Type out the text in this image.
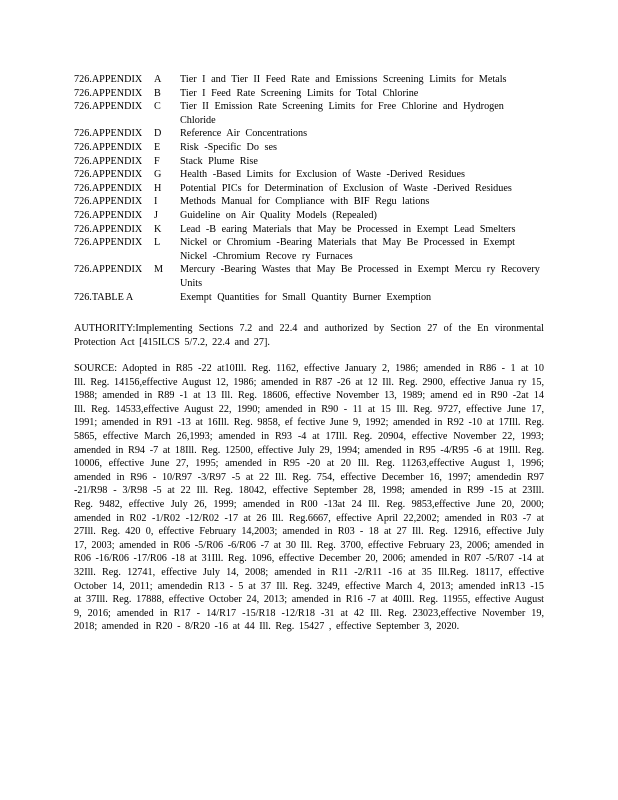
726.APPENDIX	A	Tier I and Tier II Feed Rate and Emissions Screening Limits for Metals
726.APPENDIX	B	Tier I Feed Rate Screening Limits for Total Chlorine
726.APPENDIX	C	Tier II Emission Rate Screening Limits for Free Chlorine and Hydrogen Chloride
726.APPENDIX	D	Reference Air Concentrations
726.APPENDIX	E	Risk -Specific Do ses
726.APPENDIX	F	Stack Plume Rise
726.APPENDIX	G	Health -Based Limits for Exclusion of Waste -Derived Residues
726.APPENDIX	H	Potential PICs for Determination of Exclusion of Waste -Derived Residues
726.APPENDIX	I	Methods Manual for Compliance with BIF Regu lations
726.APPENDIX	J	Guideline on Air Quality Models (Repealed)
726.APPENDIX	K	Lead -B earing Materials that May be Processed in Exempt Lead Smelters
726.APPENDIX	L	Nickel or Chromium -Bearing Materials that May Be Processed in Exempt Nickel -Chromium Recove ry Furnaces
726.APPENDIX	M	Mercury -Bearing Wastes that May Be Processed in Exempt Mercu ry Recovery Units
726.TABLE A	Exempt Quantities for Small Quantity Burner Exemption

AUTHORITY:Implementing Sections 7.2 and 22.4 and authorized by Section 27 of the En vironmental Protection Act [415ILCS 5/7.2, 22.4 and 27].

SOURCE: Adopted in R85 -22 at10Ill. Reg. 1162, effective January 2, 1986; amended in R86 - 1 at 10 Ill. Reg. 14156,effective August 12, 1986; amended in R87 -26 at 12 Ill. Reg. 2900, effective Janua ry 15, 1988; amended in R89 -1 at 13 Ill. Reg. 18606, effective November 13, 1989; amend ed in R90 -2at 14 Ill. Reg. 14533,effective August 22, 1990; amended in R90 - 11 at 15 Ill. Reg. 9727, effective June 17, 1991; amended in R91 -13 at 16Ill. Reg. 9858, ef fective June 9, 1992; amended in R92 -10 at 17Ill. Reg. 5865, effective March 26,1993; amended in R93 -4 at 17Ill. Reg. 20904, effective November 22, 1993; amended in R94 -7 at 18Ill. Reg. 12500, effective July 29, 1994; amended in R95 -4/R95 -6 at 19Ill. Reg. 10006, effective June 27, 1995; amended in R95 -20 at 20 Ill. Reg. 11263,effective August 1, 1996; amended in R96 - 10/R97 -3/R97 -5 at 22 Ill. Reg. 754, effective December 16, 1997; amendedin R97 -21/R98 - 3/R98 -5 at 22 Ill. Reg. 18042, effective September 28, 1998; amended in R99 -15 at 23Ill. Reg. 9482, effective July 26, 1999; amended in R00 -13at 24 Ill. Reg. 9853,effective June 20, 2000; amended in R02 -1/R02 -12/R02 -17 at 26 Ill. Reg.6667, effective April 22,2002; amended in R03 -7 at 27Ill. Reg. 420 0, effective February 14,2003; amended in R03 - 18 at 27 Ill. Reg. 12916, effective July 17, 2003; amended in R06 -5/R06 -6/R06 -7 at 30 Ill. Reg. 3700, effective February 23, 2006; amended in R06 -16/R06 -17/R06 -18 at 31Ill. Reg. 1096, effective December 20, 2006; amended in R07 -5/R07 -14 at 32Ill. Reg. 12741, effective July 14, 2008; amended in R11 -2/R11 -16 at 35 Ill.Reg. 18117, effective October 14, 2011; amendedin R13 - 5 at 37 Ill. Reg. 3249, effective March 4, 2013; amended inR13 -15 at 37Ill. Reg. 17888, effective October 24, 2013; amended in R16 -7 at 40Ill. Reg. 11955, effective August 9, 2016; amended in R17 - 14/R17 -15/R18 -12/R18 -31 at 42 Ill. Reg. 23023,effective November 19, 2018; amended in R20 - 8/R20 -16 at 44 Ill. Reg. 15427 , effective September 3, 2020.
